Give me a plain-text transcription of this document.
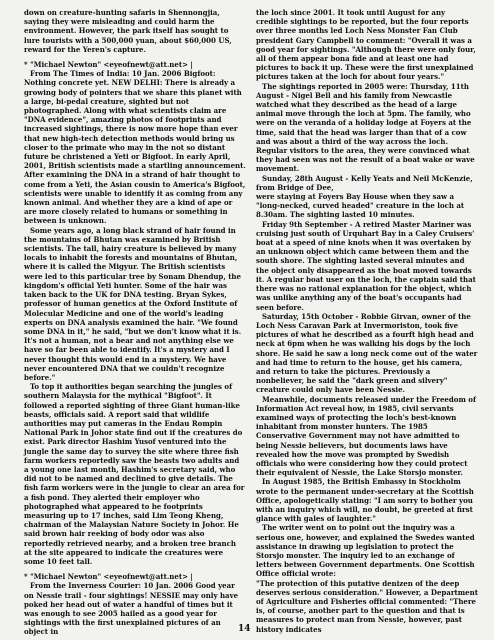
down on creature-hunting safaris in Shennongjia, saying they were misleading and could harm the environment. However, the park itself has sought to lure tourists with a 500,000 yuan, about $60,000 US, reward for the Yeren's capture.

* "Michael Newton" <eyeofnewt@att.net> |

From The Times of India: 10 Jan. 2006 Bigfoot: Nothing concrete yet. NEW DELHI: There is already a growing body of pointers that we share this planet with a large, bi-pedal creature, sighted but not photographed. Along with what scientists claim are "DNA evidence", amazing photos of footprints and increased sightings, there is now more hope than ever that new high-tech detection methods would bring us closer to the primate who may in the not so distant future be christened a Yeti or Bigfoot. In early April, 2001, British scientists made a startling announcement. After examining the DNA in a strand of hair thought to come from a Yeti, the Asian cousin to America's Bigfoot, scientists were unable to identify it as coming from any known animal. And whether they are a kind of ape or are more closely related to humans or something in between is unknown.

Some years ago, a long black strand of hair found in the mountains of Bhutan was examined by British scientists. The tall, hairy creature is believed by many locals to inhabit the forests and mountains of Bhutan, where it is called the Migyur. The British scientists were led to this particular tree by Sonam Dhendup, the kingdom's official Yeti hunter. Some of the hair was taken back to the UK for DNA testing. Bryan Sykes, professor of human genetics at the Oxford Institute of Molecular Medicine and one of the world's leading experts on DNA analysis examined the hair. "We found some DNA in it," he said, "but we don't know what it is. It's not a human, not a bear and not anything else we have so far been able to identify. It's a mystery and I never thought this would end in a mystery. We have never encountered DNA that we couldn't recognize before."

To top it authorities began searching the jungles of southern Malaysia for the mythical "Bigfoot". It followed a reported sighting of three Giant human-like beasts, officials said. A report said that wildlife authorities may put cameras in the Endau Rompin National Park in Johor state find out if the creatures do exist. Park director Hashim Yusof ventured into the jungle the same day to survey the site where three fish farm workers reportedly saw the beasts two adults and a young one last month, Hashim's secretary said, who did not to be named and declined to give details. The fish farm workers were in the jungle to clear an area for a fish pond. They alerted their employer who photographed what appeared to be footprints measuring up to 17 inches, said Lim Teong Kheng, chairman of the Malaysian Nature Society in Johor. He said brown hair reeking of body odor was also reportedly retrieved nearby, and a broken tree branch at the site appeared to indicate the creatures were some 10 feet tall.

* "Michael Newton" <eyeofnewt@att.net> |

From the Inverness Courier: 10 Jan. 2006 Good year on Nessie trail - four sightings! NESSIE may only have poked her head out of water a handful of times but it was enough to see 2005 hailed as a good year for sightings with the first unexplained pictures of an object in

the loch since 2001. It took until August for any credible sightings to be reported, but the four reports over three months led Loch Ness Monster Fan Club president Gary Campbell to comment: "Overall it was a good year for sightings. "Although there were only four, all of them appear bona fide and at least one had pictures to back it up. These were the first unexplained pictures taken at the loch for about four years."

The sightings reported in 2005 were: Thursday, 11th August - Nigel Bell and his family from Newcastle watched what they described as the head of a large animal move through the loch at 5pm. The family, who were on the veranda of a holiday lodge at Foyers at the time, said that the head was larger than that of a cow and was about a third of the way across the loch. Regular visitors to the area, they were convinced what they had seen was not the result of a boat wake or wave movement.

Sunday, 28th August - Kelly Yeats and Neil McKenzie, from Bridge of Dee,

were staying at Foyers Bay House when they saw a "long-necked, curved headed" creature in the loch at 8.30am. The sighting lasted 10 minutes.

Friday 9th September - A retired Master Mariner was cruising just south of Urquhart Bay in a Caley Cruisers' boat at a speed of nine knots when it was overtaken by an unknown object which came between them and the south shore. The sighting lasted several minutes and the object only disappeared as the boat moved towards it. A regular boat user on the loch, the captain said that there was no rational explanation for the object, which was unlike anything any of the boat's occupants had seen before.

Saturday, 15th October - Robbie Girvan, owner of the Loch Ness Caravan Park at Invermoriston, took five pictures of what he described as a fourft high head and neck at 6pm when he was walking his dogs by the loch shore. He said he saw a long neck come out of the water and had time to return to the house, get his camera, and return to take the pictures. Previously a nonbeliever, he said the "dark green and silvery" creature could only have been Nessie.

Meanwhile, documents released under the Freedom of Information Act reveal how, in 1985, civil servants examined ways of protecting the loch's best-known inhabitant from monster hunters. The 1985 Conservative Government may not have admitted to being Nessie believers, but documents laws have revealed how the move was prompted by Swedish officials who were considering how they could protect their equivalent of Nessie, the Lake Storsjo monster.

In August 1985, the British Embassy in Stockholm wrote to the permanent under-secretary at the Scottish Office, apologetically stating: "I am sorry to bother you with an inquiry which will, no doubt, be greeted at first glance with gales of laughter."

The writer went on to point out the inquiry was a serious one, however, and explained the Swedes wanted assistance in drawing up legislation to protect the Storsjo monster. The inquiry led to an exchange of letters between Government departments. One Scottish Office official wrote:

"The protection of this putative denizen of the deep deserves serious consideration." However, a Department of Agriculture and Fisheries official commented: "There is, of course, another part to the question and that is measures to protect man from Nessie, however, past history indicates

14
